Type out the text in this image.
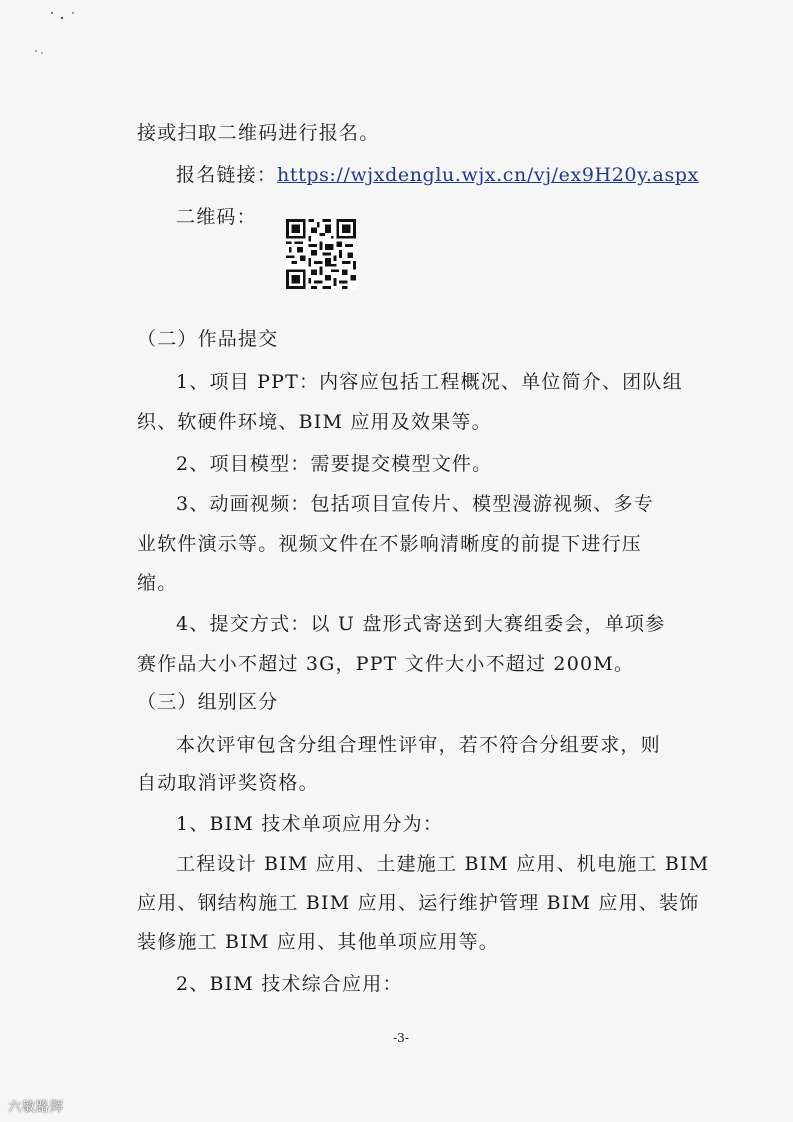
接或扫取二维码进行报名。
报名链接：https://wjxdenglu.wjx.cn/vj/ex9H20y.aspx
二维码：
（二）作品提交
1、项目 PPT：内容应包括工程概况、单位简介、团队组
织、软硬件环境、BIM 应用及效果等。
2、项目模型：需要提交模型文件。
3、动画视频：包括项目宣传片、模型漫游视频、多专
业软件演示等。视频文件在不影响清晰度的前提下进行压
缩。
4、提交方式：以 U 盘形式寄送到大赛组委会，单项参
赛作品大小不超过 3G，PPT 文件大小不超过 200M。
（三）组别区分
本次评审包含分组合理性评审，若不符合分组要求，则
自动取消评奖资格。
1、BIM 技术单项应用分为：
工程设计 BIM 应用、土建施工 BIM 应用、机电施工 BIM
应用、钢结构施工 BIM 应用、运行维护管理 BIM 应用、装饰
装修施工 BIM 应用、其他单项应用等。
2、BIM 技术综合应用：
-3-
六敏路辉
